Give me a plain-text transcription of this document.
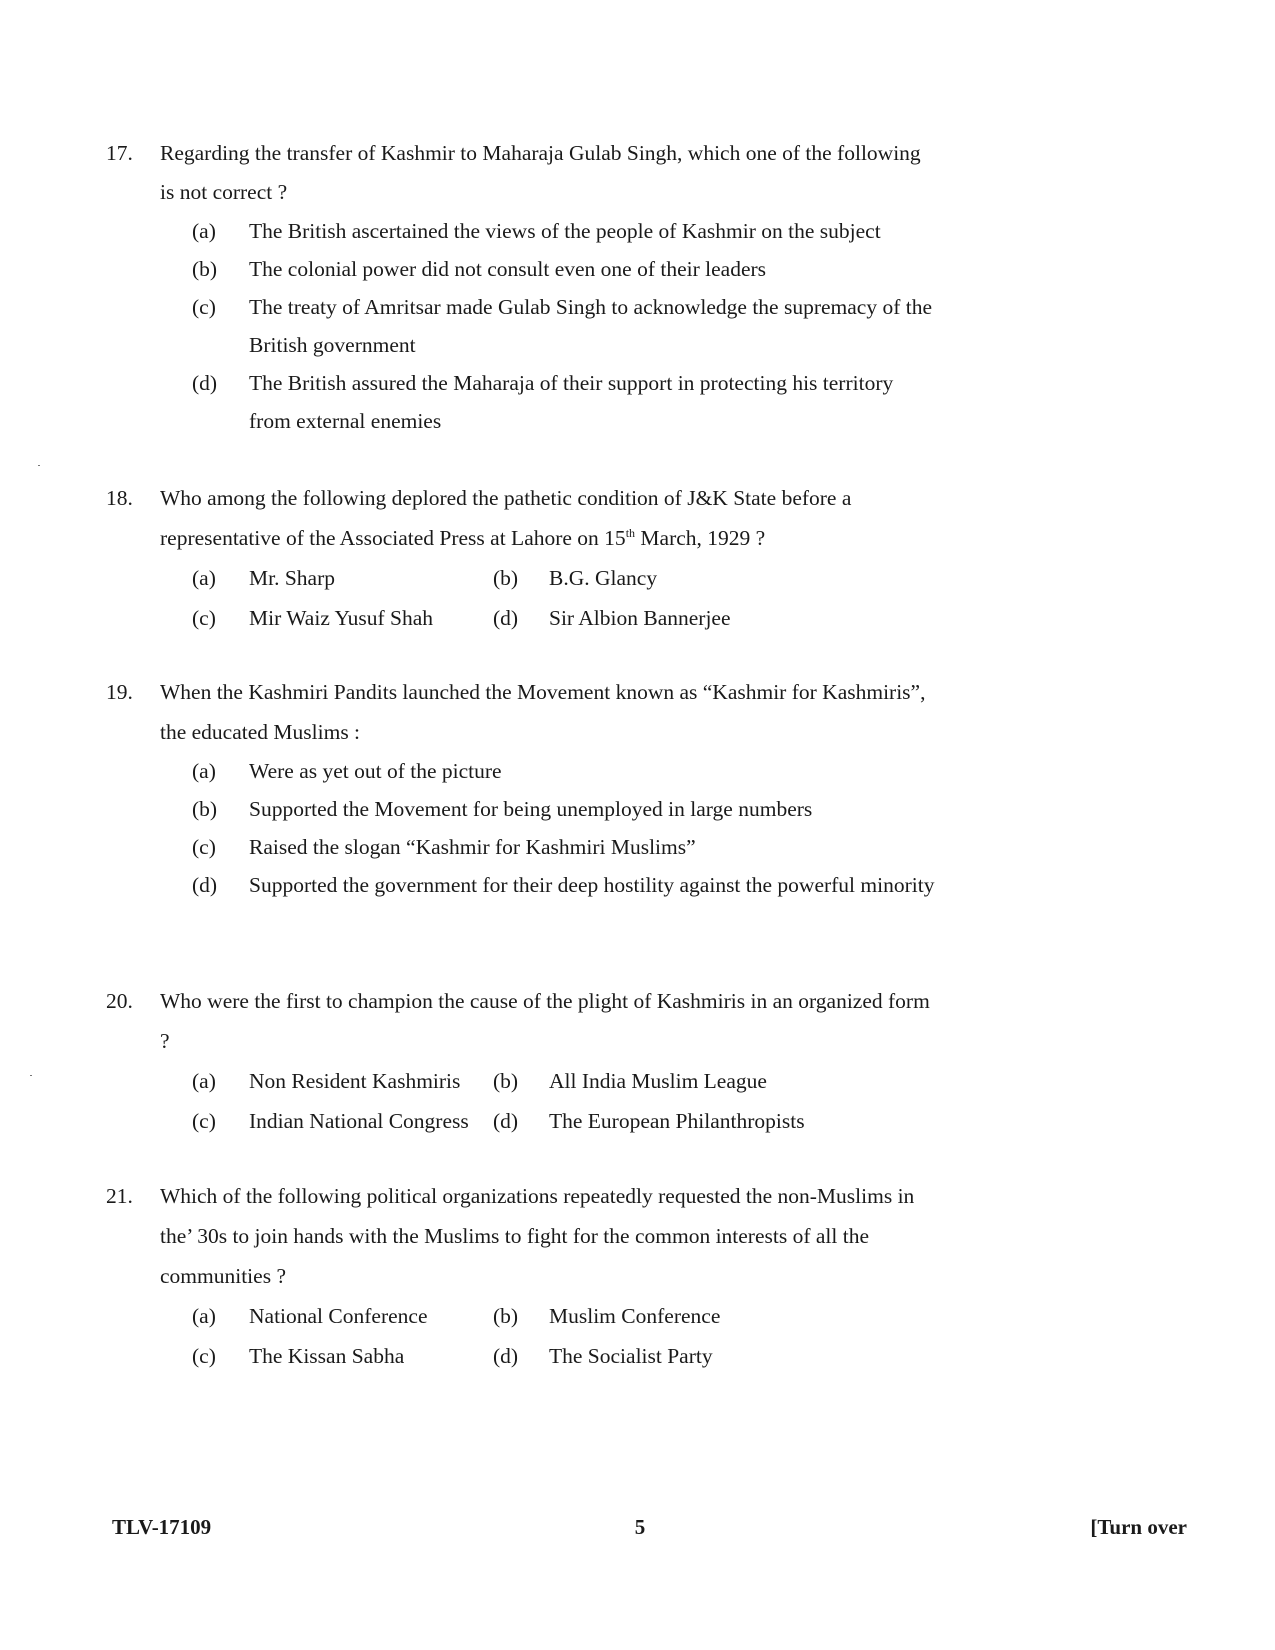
17.	Regarding the transfer of Kashmir to Maharaja Gulab Singh, which one of the following is not correct ?
(a) The British ascertained the views of the people of Kashmir on the subject
(b) The colonial power did not consult even one of their leaders
(c) The treaty of Amritsar made Gulab Singh to acknowledge the supremacy of the British government
(d) The British assured the Maharaja of their support in protecting his territory from external enemies
18.	Who among the following deplored the pathetic condition of J&K State before a representative of the Associated Press at Lahore on 15th March, 1929 ?
(a) Mr. Sharp	(b) B.G. Glancy
(c) Mir Waiz Yusuf Shah	(d) Sir Albion Bannerjee
19.	When the Kashmiri Pandits launched the Movement known as “Kashmir for Kashmiris”, the educated Muslims :
(a) Were as yet out of the picture
(b) Supported the Movement for being unemployed in large numbers
(c) Raised the slogan “Kashmir for Kashmiri Muslims”
(d) Supported the government for their deep hostility against the powerful minority
20.	Who were the first to champion the cause of the plight of Kashmiris in an organized form ?
(a) Non Resident Kashmiris	(b) All India Muslim League
(c) Indian National Congress	(d) The European Philanthropists
21.	Which of the following political organizations repeatedly requested the non-Muslims in the’ 30s to join hands with the Muslims to fight for the common interests of all the communities ?
(a) National Conference	(b) Muslim Conference
(c) The Kissan Sabha	(d) The Socialist Party
TLV-17109	5	[Turn over
